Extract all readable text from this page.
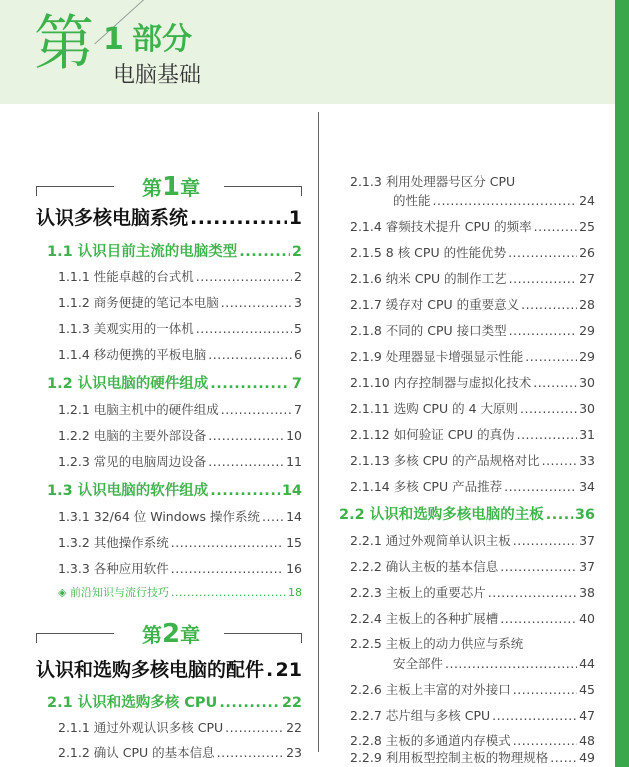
第 1 部分
电脑基础
第1章
第2章
认识多核电脑系统 .....	1
1.1 认识目前主流的电脑类型 .....	2
1.1.1 性能卓越的台式机 .....	2
1.1.2 商务便捷的笔记本电脑 .....	3
1.1.3 美观实用的一体机 .....	5
1.1.4 移动便携的平板电脑 .....	6
1.2 认识电脑的硬件组成 .....	7
1.2.1 电脑主机中的硬件组成 .....	7
1.2.2 电脑的主要外部设备 .....	10
1.2.3 常见的电脑周边设备 .....	11
1.3 认识电脑的软件组成 .....	14
1.3.1 32/64 位 Windows 操作系统 ..... 14
1.3.2 其他操作系统 .....	15
1.3.3 各种应用软件 .....	16
◈ 前沿知识与流行技巧 .....	18
认识和选购多核电脑的配件 ..... 21
2.1 认识和选购多核 CPU .....	22
2.1.1 通过外观认识多核 CPU .....	22
2.1.2 确认 CPU 的基本信息 .....	23
2.1.3 利用处理器号区分 CPU
的性能 .....	24
2.1.4 睿频技术提升 CPU 的频率 .....	25
2.1.5 8 核 CPU 的性能优势 .....	26
2.1.6 纳米 CPU 的制作工艺 .....	27
2.1.7 缓存对 CPU 的重要意义 .....	28
2.1.8 不同的 CPU 接口类型 .....	29
2.1.9 处理器显卡增强显示性能 .....	29
2.1.10 内存控制器与虚拟化技术 .....	30
2.1.11 选购 CPU 的 4 大原则 .....	30
2.1.12 如何验证 CPU 的真伪 .....	31
2.1.13 多核 CPU 的产品规格对比 .....	33
2.1.14 多核 CPU 产品推荐 .....	34
2.2 认识和选购多核电脑的主板 ..... 36
2.2.1 通过外观简单认识主板 .....	37
2.2.2 确认主板的基本信息 .....	37
2.2.3 主板上的重要芯片 .....	38
2.2.4 主板上的各种扩展槽 .....	40
2.2.5 主板上的动力供应与系统
安全部件 .....	44
2.2.6 主板上丰富的对外接口 .....	45
2.2.7 芯片组与多核 CPU .....	47
2.2.8 主板的多通道内存模式 .....	48
2.2.9 利用板型控制主板的物理规格 ..... 49
